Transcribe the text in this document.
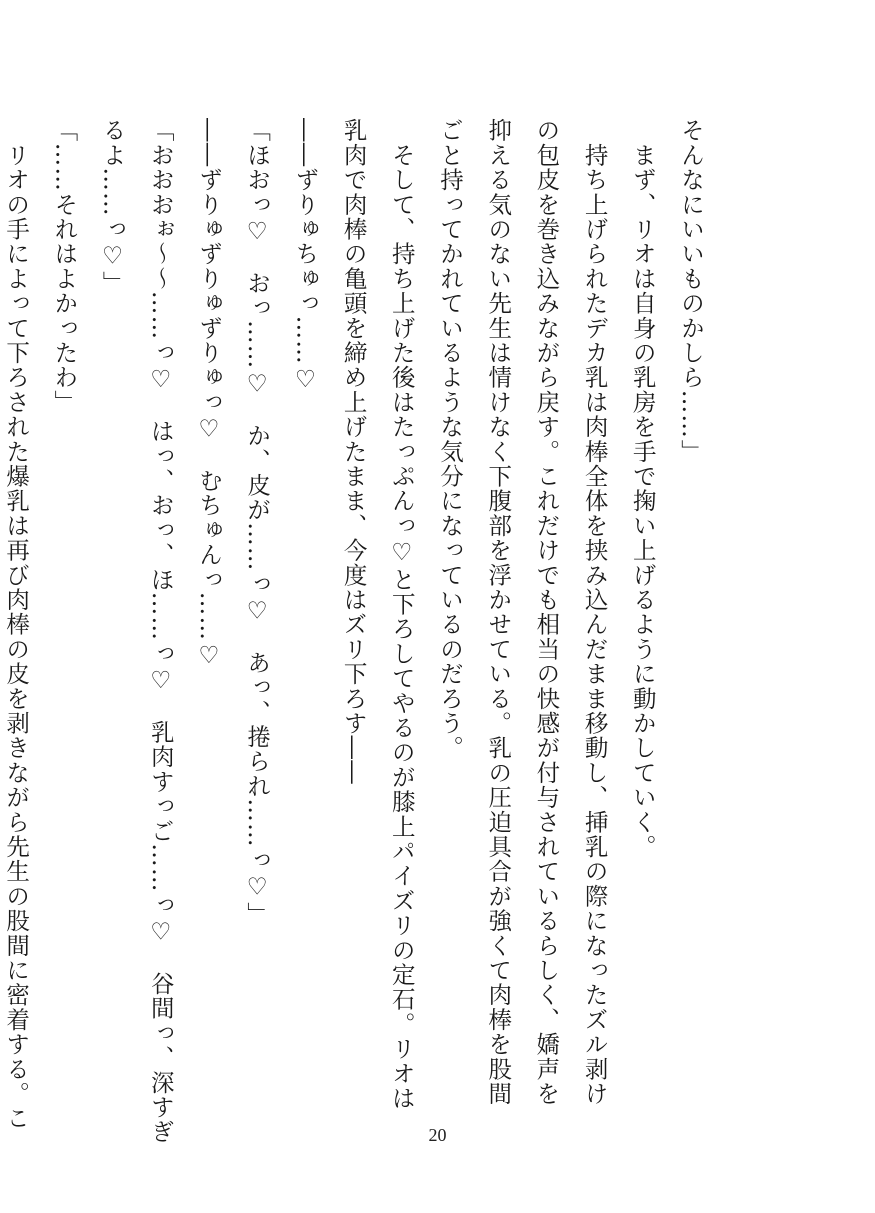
そんなにいいものかしら……」
　まず、リオは自身の乳房を手で掬い上げるように動かしていく。
　持ち上げられたデカ乳は肉棒全体を挟み込んだまま移動し、挿乳の際になったズル剥け
の包皮を巻き込みながら戻す。これだけでも相当の快感が付与されているらしく、嬌声を
抑える気のない先生は情けなく下腹部を浮かせている。乳の圧迫具合が強くて肉棒を股間
ごと持ってかれているような気分になっているのだろう。
　そして、持ち上げた後はたっぷんっ♡と下ろしてやるのが膝上パイズリの定石。リオは
乳肉で肉棒の亀頭を締め上げたまま、今度はズリ下ろす――
――ずりゅちゅっ……♡
「ほおっ♡　おっ……♡　か、皮が……っ♡　あっ、捲られ……っ♡」
――ずりゅずりゅずりゅっ♡　むちゅんっ……♡
「おおおぉ〜〜……っ♡　はっ、おっ、ほ……っ♡　乳肉すっご……っ♡　谷間っ、深すぎ
るよ……っ♡」
「……それはよかったわ」
　リオの手によって下ろされた爆乳は再び肉棒の皮を剥きながら先生の股間に密着する。こ
20
